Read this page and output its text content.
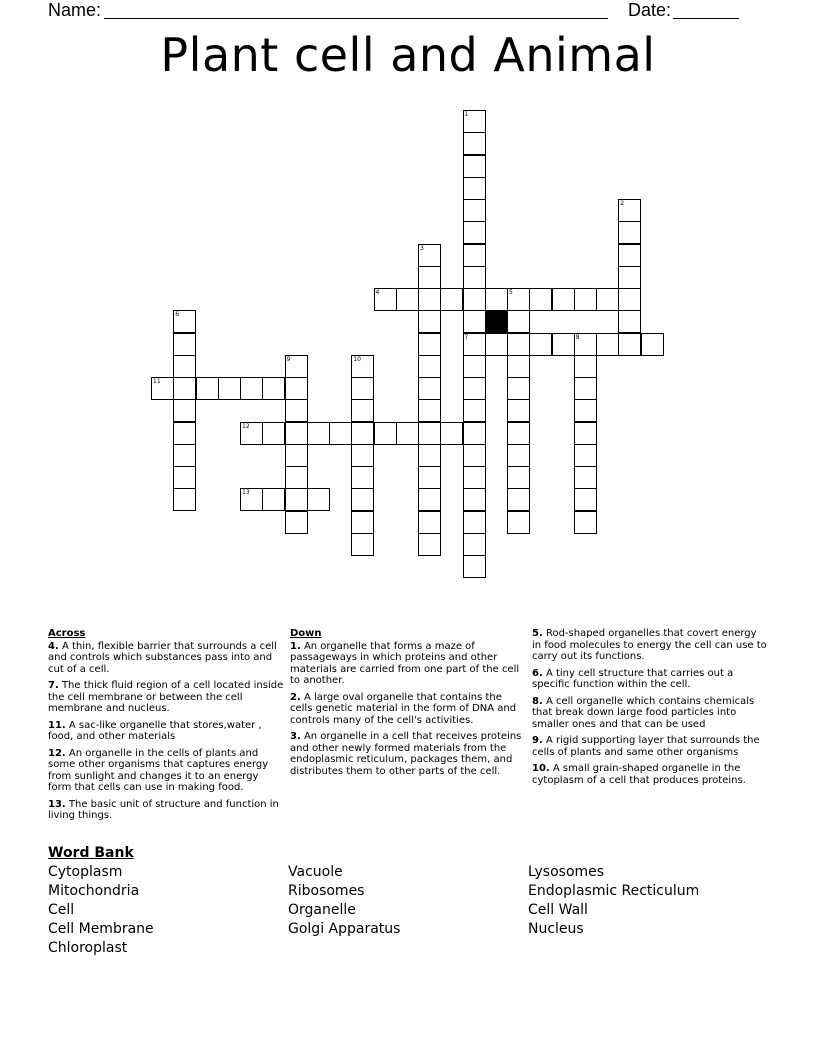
Name:	Date:
Plant cell and Animal
1
7
2
3
4	5
6
8
9	10
11
12
13
Across
4. A thin, flexible barrier that surrounds a cell and controls which substances pass into and cut of a cell.
7. The thick fluid region of a cell located inside the cell membrane or between the cell membrane and nucleus.
11. A sac-like organelle that stores,water , food, and other materials
12. An organelle in the cells of plants and some other organisms that captures energy from sunlight and changes it to an energy form that cells can use in making food.
13. The basic unit of structure and function in living things.
Down
1. An organelle that forms a maze of passageways in which proteins and other materials are carried from one part of the cell to another.
2. A large oval organelle that contains the cells genetic material in the form of DNA and controls many of the cell's activities.
3. An organelle in a cell that receives proteins and other newly formed materials from the endoplasmic reticulum, packages them, and distributes them to other parts of the cell.
5. Rod-shaped organelles that covert energy in food molecules to energy the cell can use to carry out its functions.
6. A tiny cell structure that carries out a specific function within the cell.
8. A cell organelle which contains chemicals that break down large food particles into smaller ones and that can be used
9. A rigid supporting layer that surrounds the cells of plants and same other organisms
10. A small grain-shaped organelle in the cytoplasm of a cell that produces proteins.
Word Bank
Cytoplasm
Mitochondria
Cell
Cell Membrane
Chloroplast
Vacuole
Ribosomes
Organelle
Golgi Apparatus
Lysosomes
Endoplasmic Recticulum
Cell Wall
Nucleus
